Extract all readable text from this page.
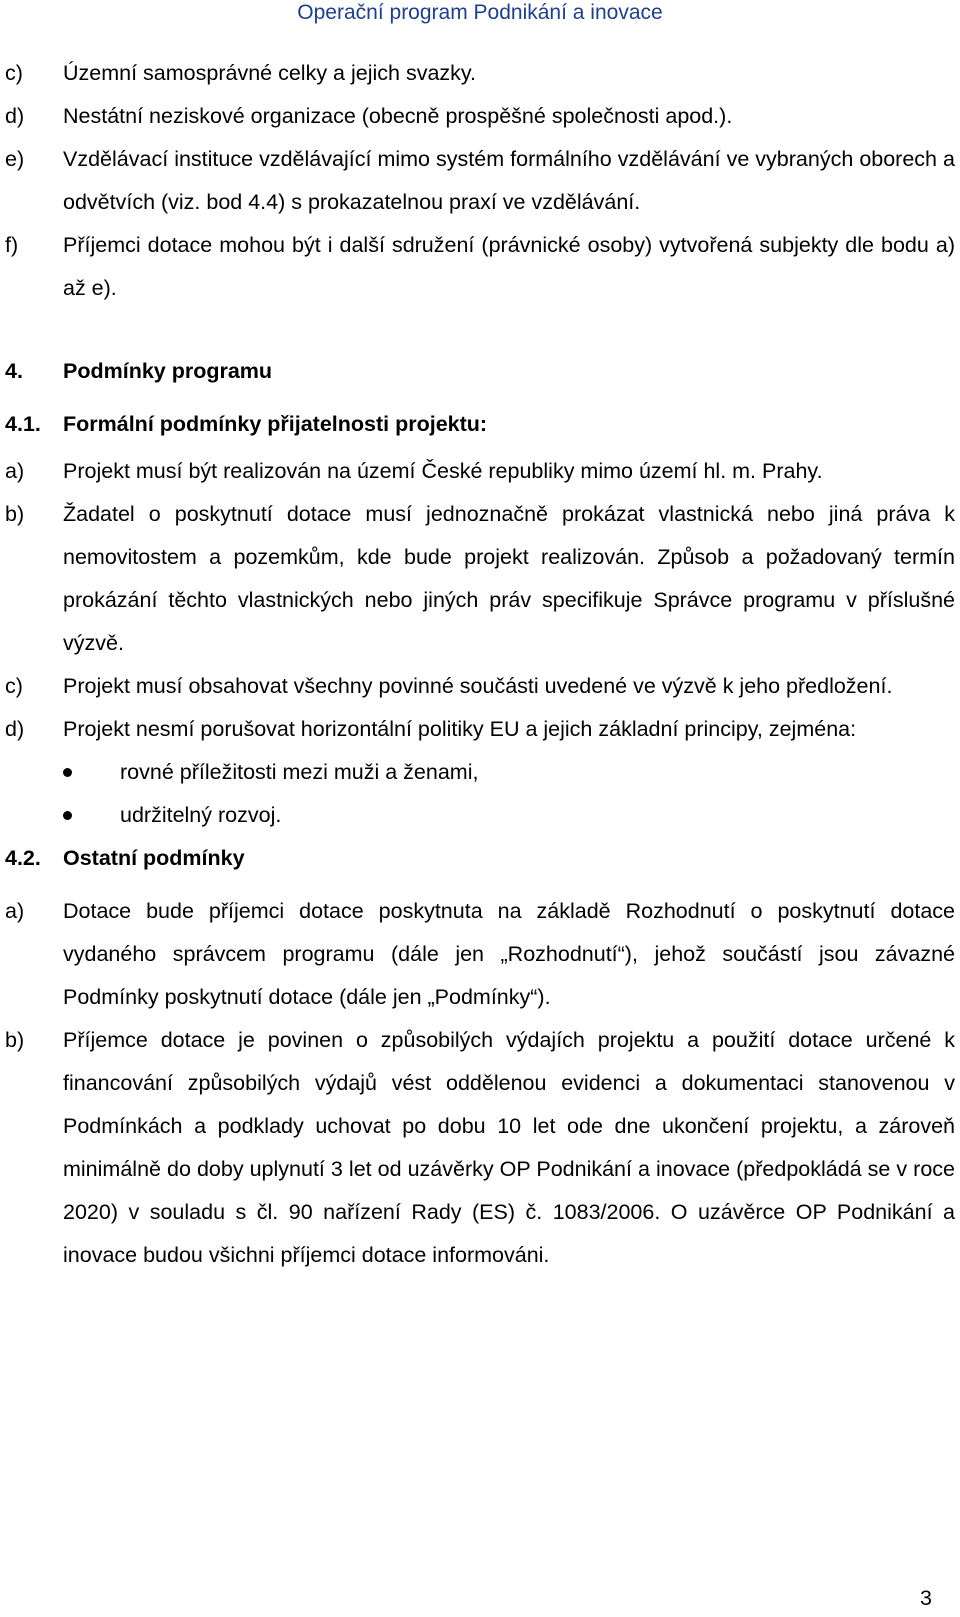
Operační program Podnikání a inovace
c) Územní samosprávné celky a jejich svazky.
d) Nestátní neziskové organizace (obecně prospěšné společnosti apod.).
e) Vzdělávací instituce vzdělávající mimo systém formálního vzdělávání ve vybraných oborech a odvětvích (viz. bod 4.4) s prokazatelnou praxí ve vzdělávání.
f) Příjemci dotace mohou být i další sdružení (právnické osoby) vytvořená subjekty dle bodu a) až e).
4. Podmínky programu
4.1. Formální podmínky přijatelnosti projektu:
a) Projekt musí být realizován na území České republiky mimo území hl. m. Prahy.
b) Žadatel o poskytnutí dotace musí jednoznačně prokázat vlastnická nebo jiná práva k nemovitostem a pozemkům, kde bude projekt realizován. Způsob a požadovaný termín prokázání těchto vlastnických nebo jiných práv specifikuje Správce programu v příslušné výzvě.
c) Projekt musí obsahovat všechny povinné součásti uvedené ve výzvě k jeho předložení.
d) Projekt nesmí porušovat horizontální politiky EU a jejich základní principy, zejména:
rovné příležitosti mezi muži a ženami,
udržitelný rozvoj.
4.2. Ostatní podmínky
a) Dotace bude příjemci dotace poskytnuta na základě Rozhodnutí o poskytnutí dotace vydaného správcem programu (dále jen „Rozhodnutí“), jehož součástí jsou závazné Podmínky poskytnutí dotace (dále jen „Podmínky“).
b) Příjemce dotace je povinen o způsobilých výdajích projektu a použití dotace určené k financování způsobilých výdajů vést oddělenou evidenci a dokumentaci stanovenou v Podmínkách a podklady uchovat po dobu 10 let ode dne ukončení projektu, a zároveň minimálně do doby uplynutí 3 let od uzávěrky OP Podnikání a inovace (předpokládá se v roce 2020) v souladu s čl. 90 nařízení Rady (ES) č. 1083/2006. O uzávěrce OP Podnikání a inovace budou všichni příjemci dotace informováni.
3
